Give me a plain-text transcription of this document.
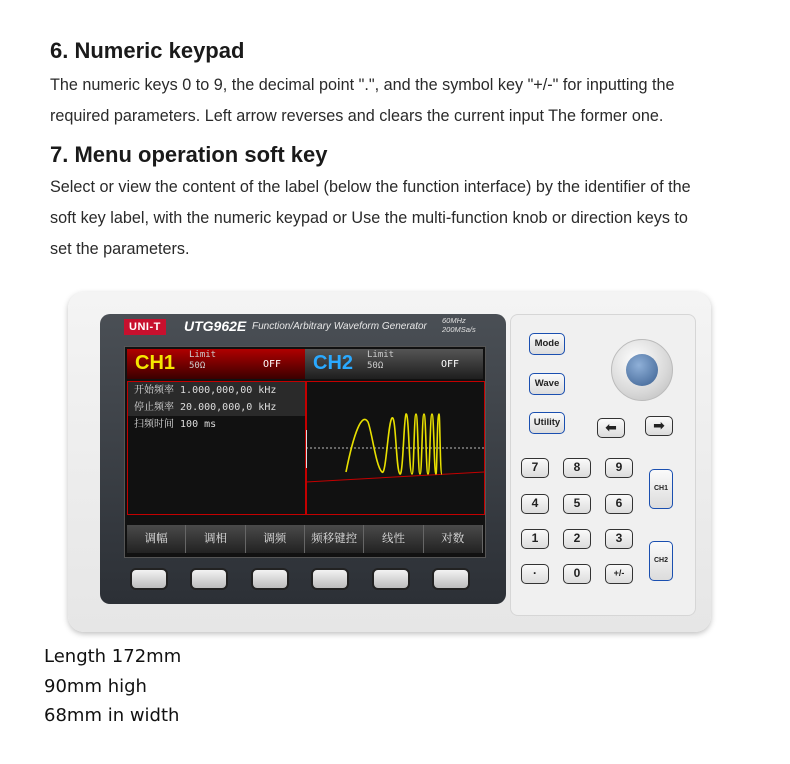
6. Numeric keypad
The numeric keys 0 to 9, the decimal point ".", and the symbol key "+/-" for inputting the
required parameters. Left arrow reverses and clears the current input The former one.
7. Menu operation soft key
Select or view the content of the label (below the function interface) by the identifier of the
soft key label, with the numeric keypad or Use the multi-function knob or direction keys to
set the parameters.
UNI-T	UTG962E Function/Arbitrary Waveform Generator
60MHz
200MSa/s
CH1 Limit
50Ω	OFF CH2 Limit
50Ω	OFF
开始频率 1.000,000,00 kHz
停止频率 20.000,000,0 kHz
扫频时间 100 ms
调幅	调相	调频	频移键控	线性	对数
Mode
Wave
Utility	⬅	➡
7	8	9
4	5	6
1	2	3
·	0	+/-
CH1
CH2
Length 172mm
90mm high
68mm in width
